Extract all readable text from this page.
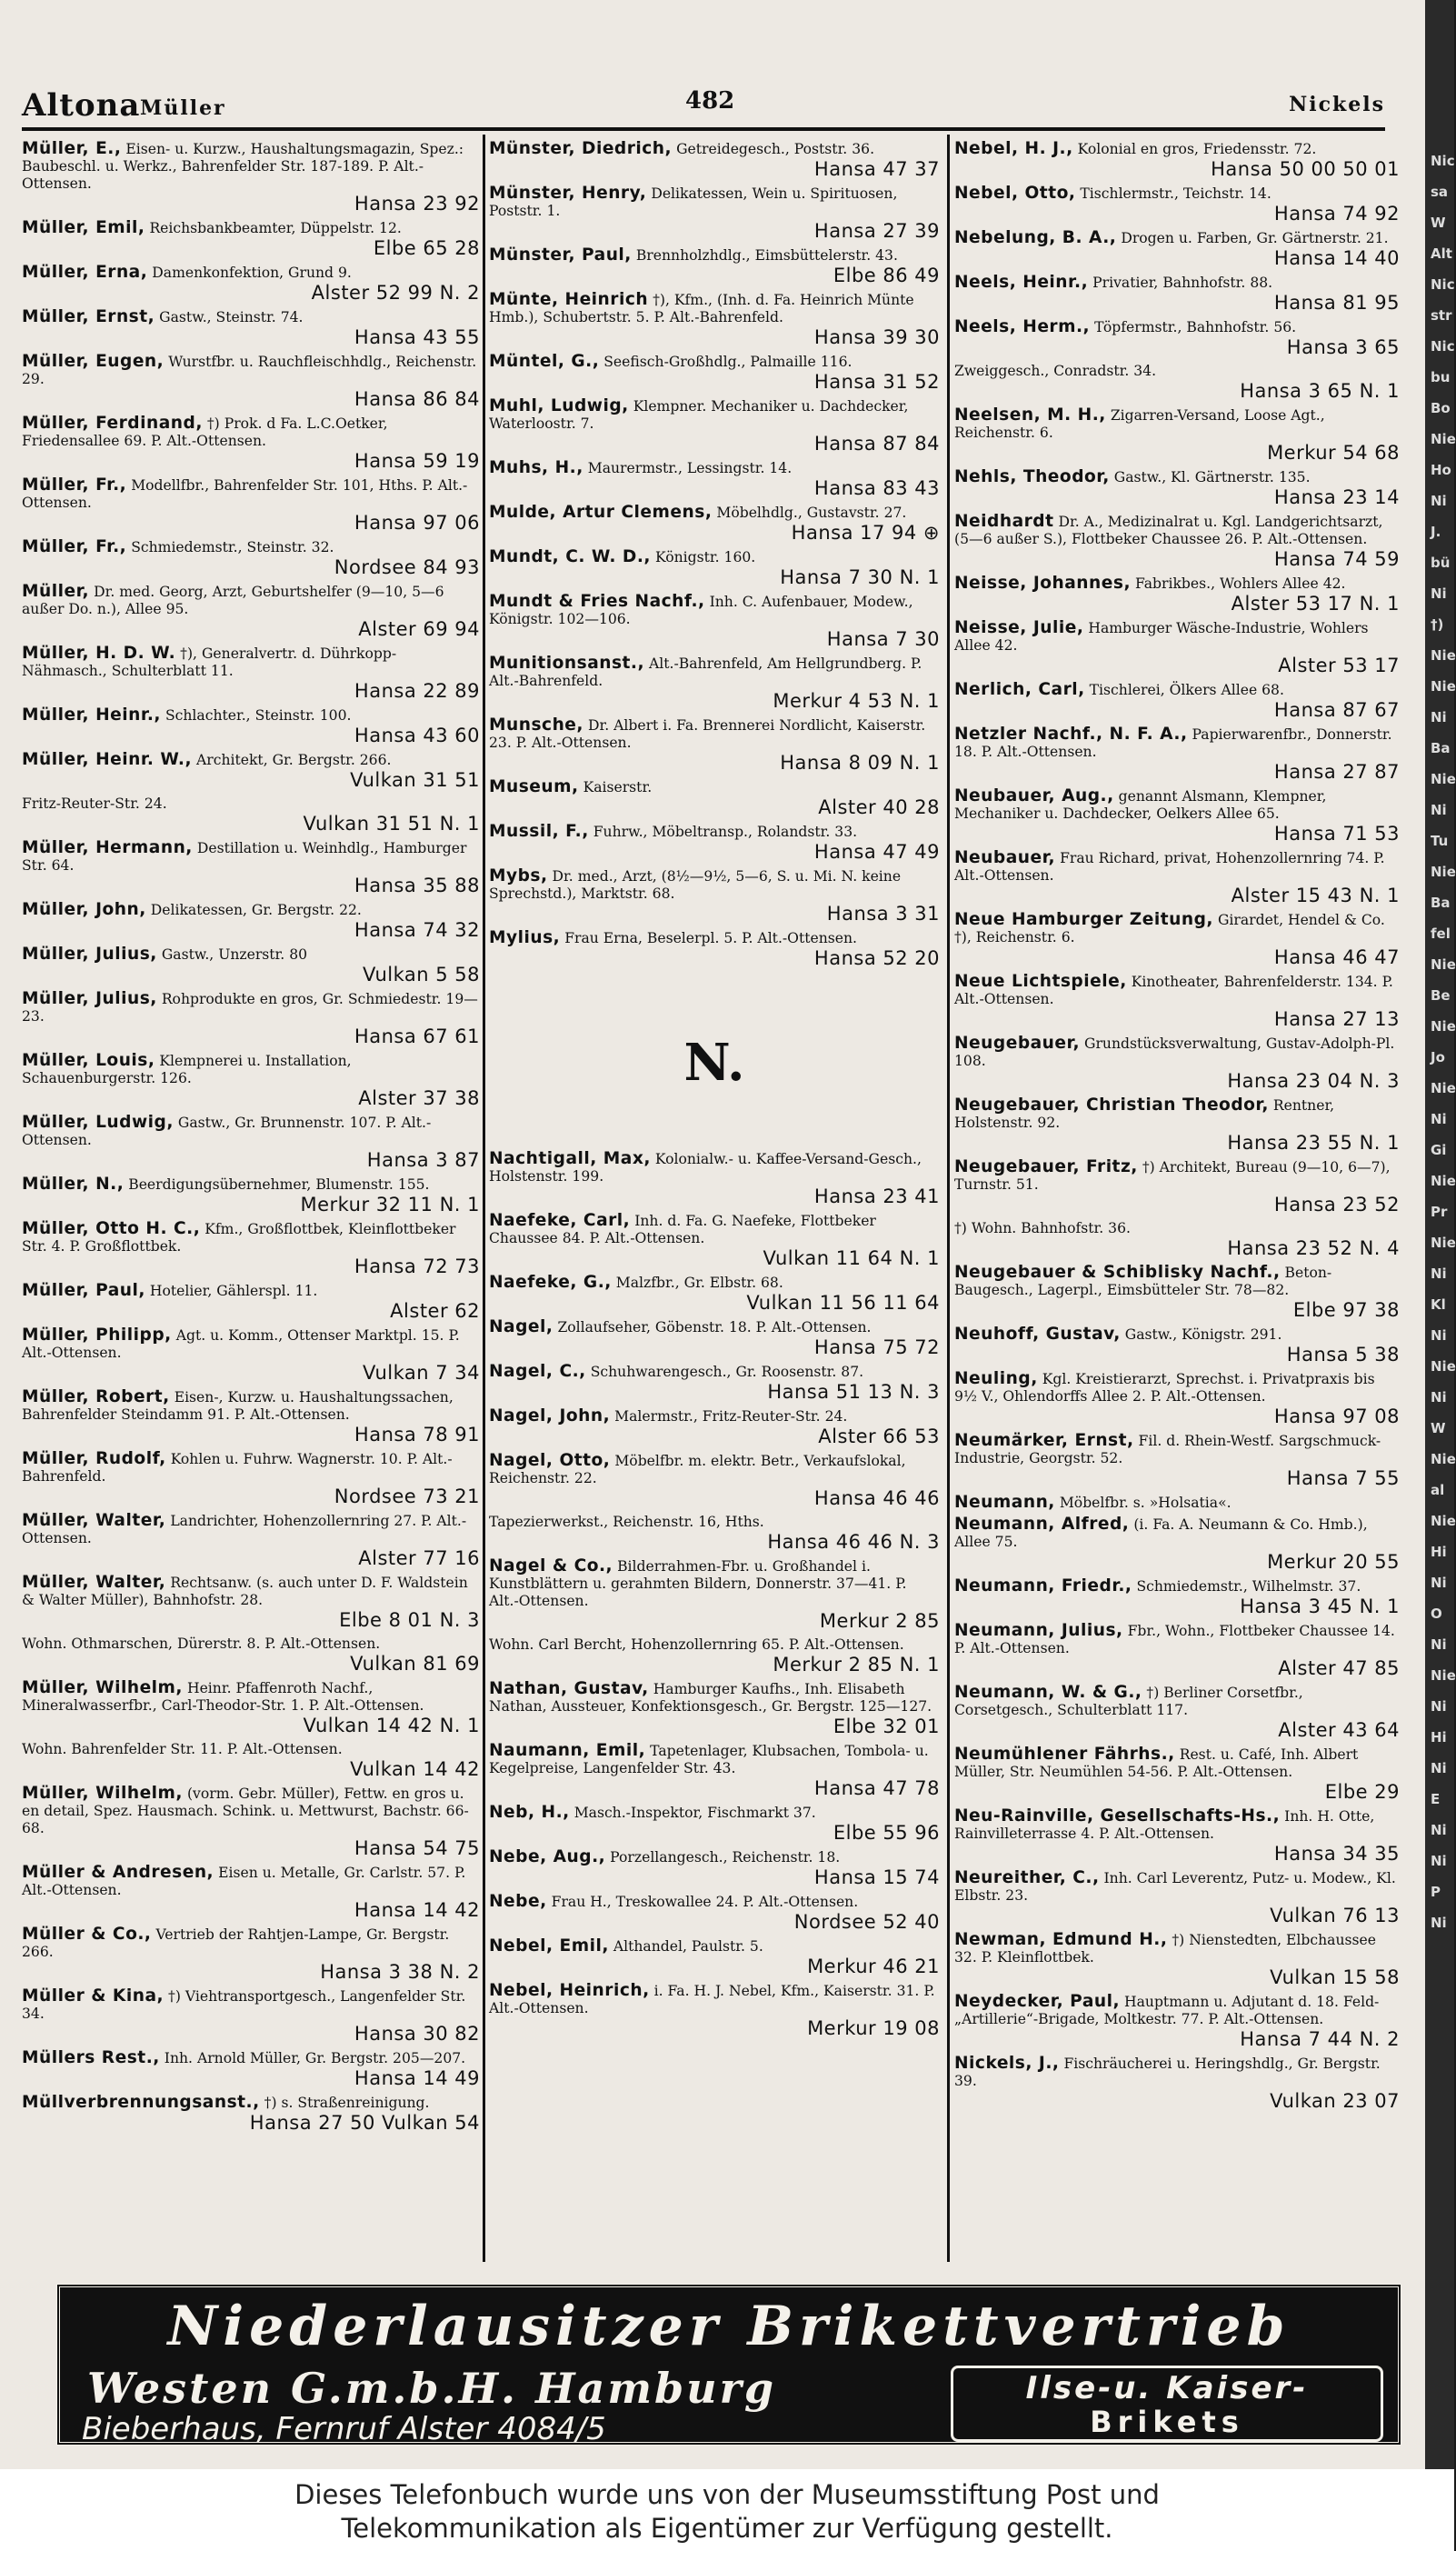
Altona Müller	482	Nickels
Müller, E., Eisen- u. Kurzw., Haushaltungsmagazin, Spez.: Baubeschl. u. Werkz., Bahrenfelder Str. 187-189. P. Alt.-Ottensen.
Hansa 23 92
Müller, Emil, Reichsbankbeamter, Düppelstr. 12.
Elbe 65 28
Müller, Erna, Damenkonfektion, Grund 9.
Alster 52 99 N. 2
Müller, Ernst, Gastw., Steinstr. 74.
Hansa 43 55
Müller, Eugen, Wurstfbr. u. Rauchfleischhdlg., Reichenstr. 29.
Hansa 86 84
Müller, Ferdinand, †) Prok. d Fa. L.C.Oetker, Friedensallee 69. P. Alt.-Ottensen.
Hansa 59 19
Müller, Fr., Modellfbr., Bahrenfelder Str. 101, Hths. P. Alt.-Ottensen.
Hansa 97 06
Müller, Fr., Schmiedemstr., Steinstr. 32.
Nordsee 84 93
Müller, Dr. med. Georg, Arzt, Geburtshelfer (9—10, 5—6 außer Do. n.), Allee 95.
Alster 69 94
Müller, H. D. W. †), Generalvertr. d. Dührkopp-Nähmasch., Schulterblatt 11.
Hansa 22 89
Müller, Heinr., Schlachter., Steinstr. 100.
Hansa 43 60
Müller, Heinr. W., Architekt, Gr. Bergstr. 266.
Vulkan 31 51
Fritz-Reuter-Str. 24.
Vulkan 31 51 N. 1
Müller, Hermann, Destillation u. Weinhdlg., Hamburger Str. 64.
Hansa 35 88
Müller, John, Delikatessen, Gr. Bergstr. 22.
Hansa 74 32
Müller, Julius, Gastw., Unzerstr. 80
Vulkan 5 58
Müller, Julius, Rohprodukte en gros, Gr. Schmiedestr. 19—23.
Hansa 67 61
Müller, Louis, Klempnerei u. Installation, Schauenburgerstr. 126.
Alster 37 38
Müller, Ludwig, Gastw., Gr. Brunnenstr. 107. P. Alt.-Ottensen.
Hansa 3 87
Müller, N., Beerdigungsübernehmer, Blumenstr. 155.
Merkur 32 11 N. 1
Müller, Otto H. C., Kfm., Großflottbek, Kleinflottbeker Str. 4. P. Großflottbek.
Hansa 72 73
Müller, Paul, Hotelier, Gählerspl. 11.
Alster 62
Müller, Philipp, Agt. u. Komm., Ottenser Marktpl. 15. P. Alt.-Ottensen.
Vulkan 7 34
Müller, Robert, Eisen-, Kurzw. u. Haushaltungssachen, Bahrenfelder Steindamm 91. P. Alt.-Ottensen.
Hansa 78 91
Müller, Rudolf, Kohlen u. Fuhrw. Wagnerstr. 10. P. Alt.-Bahrenfeld.
Nordsee 73 21
Müller, Walter, Landrichter, Hohenzollernring 27. P. Alt.-Ottensen.
Alster 77 16
Müller, Walter, Rechtsanw. (s. auch unter D. F. Waldstein & Walter Müller), Bahnhofstr. 28.
Elbe 8 01 N. 3
Wohn. Othmarschen, Dürerstr. 8. P. Alt.-Ottensen.
Vulkan 81 69
Müller, Wilhelm, Heinr. Pfaffenroth Nachf., Mineralwasserfbr., Carl-Theodor-Str. 1. P. Alt.-Ottensen.
Vulkan 14 42 N. 1
Wohn. Bahrenfelder Str. 11. P. Alt.-Ottensen.
Vulkan 14 42
Müller, Wilhelm, (vorm. Gebr. Müller), Fettw. en gros u. en detail, Spez. Hausmach. Schink. u. Mettwurst, Bachstr. 66-68.
Hansa 54 75
Müller & Andresen, Eisen u. Metalle, Gr. Carlstr. 57. P. Alt.-Ottensen.
Hansa 14 42
Müller & Co., Vertrieb der Rahtjen-Lampe, Gr. Bergstr. 266.
Hansa 3 38 N. 2
Müller & Kina, †) Viehtransportgesch., Langenfelder Str. 34.
Hansa 30 82
Müllers Rest., Inh. Arnold Müller, Gr. Bergstr. 205—207.
Hansa 14 49
Müllverbrennungsanst., †) s. Straßenreinigung.
Hansa 27 50 Vulkan 54
Münster, Diedrich, Getreidegesch., Poststr. 36.
Hansa 47 37
Münster, Henry, Delikatessen, Wein u. Spirituosen, Poststr. 1.
Hansa 27 39
Münster, Paul, Brennholzhdlg., Eimsbüttelerstr. 43.
Elbe 86 49
Münte, Heinrich †), Kfm., (Inh. d. Fa. Heinrich Münte Hmb.), Schubertstr. 5. P. Alt.-Bahrenfeld.
Hansa 39 30
Müntel, G., Seefisch-Großhdlg., Palmaille 116.
Hansa 31 52
Muhl, Ludwig, Klempner. Mechaniker u. Dachdecker, Waterloostr. 7.
Hansa 87 84
Muhs, H., Maurermstr., Lessingstr. 14.
Hansa 83 43
Mulde, Artur Clemens, Möbelhdlg., Gustavstr. 27.
Hansa 17 94 ⊕
Mundt, C. W. D., Königstr. 160.
Hansa 7 30 N. 1
Mundt & Fries Nachf., Inh. C. Aufenbauer, Modew., Königstr. 102—106.
Hansa 7 30
Munitionsanst., Alt.-Bahrenfeld, Am Hellgrundberg. P. Alt.-Bahrenfeld.
Merkur 4 53 N. 1
Munsche, Dr. Albert i. Fa. Brennerei Nordlicht, Kaiserstr. 23. P. Alt.-Ottensen.
Hansa 8 09 N. 1
Museum, Kaiserstr.
Alster 40 28
Mussil, F., Fuhrw., Möbeltransp., Rolandstr. 33.
Hansa 47 49
Mybs, Dr. med., Arzt, (8½—9½, 5—6, S. u. Mi. N. keine Sprechstd.), Marktstr. 68.
Hansa 3 31
Mylius, Frau Erna, Beselerpl. 5. P. Alt.-Ottensen.
Hansa 52 20
N.
Nachtigall, Max, Kolonialw.- u. Kaffee-Versand-Gesch., Holstenstr. 199.
Hansa 23 41
Naefeke, Carl, Inh. d. Fa. G. Naefeke, Flottbeker Chaussee 84. P. Alt.-Ottensen.
Vulkan 11 64 N. 1
Naefeke, G., Malzfbr., Gr. Elbstr. 68.
Vulkan 11 56 11 64
Nagel, Zollaufseher, Göbenstr. 18. P. Alt.-Ottensen.
Hansa 75 72
Nagel, C., Schuhwarengesch., Gr. Roosenstr. 87.
Hansa 51 13 N. 3
Nagel, John, Malermstr., Fritz-Reuter-Str. 24.
Alster 66 53
Nagel, Otto, Möbelfbr. m. elektr. Betr., Verkaufslokal, Reichenstr. 22.
Hansa 46 46
Tapezierwerkst., Reichenstr. 16, Hths.
Hansa 46 46 N. 3
Nagel & Co., Bilderrahmen-Fbr. u. Großhandel i. Kunstblättern u. gerahmten Bildern, Donnerstr. 37—41. P. Alt.-Ottensen.
Merkur 2 85
Wohn. Carl Bercht, Hohenzollernring 65. P. Alt.-Ottensen.
Merkur 2 85 N. 1
Nathan, Gustav, Hamburger Kaufhs., Inh. Elisabeth Nathan, Aussteuer, Konfektionsgesch., Gr. Bergstr. 125—127.
Elbe 32 01
Naumann, Emil, Tapetenlager, Klubsachen, Tombola- u. Kegelpreise, Langenfelder Str. 43.
Hansa 47 78
Neb, H., Masch.-Inspektor, Fischmarkt 37.
Elbe 55 96
Nebe, Aug., Porzellangesch., Reichenstr. 18.
Hansa 15 74
Nebe, Frau H., Treskowallee 24. P. Alt.-Ottensen.
Nordsee 52 40
Nebel, Emil, Althandel, Paulstr. 5.
Merkur 46 21
Nebel, Heinrich, i. Fa. H. J. Nebel, Kfm., Kaiserstr. 31. P. Alt.-Ottensen.
Merkur 19 08
Nebel, H. J., Kolonial en gros, Friedensstr. 72.
Hansa 50 00 50 01
Nebel, Otto, Tischlermstr., Teichstr. 14.
Hansa 74 92
Nebelung, B. A., Drogen u. Farben, Gr. Gärtnerstr. 21.
Hansa 14 40
Neels, Heinr., Privatier, Bahnhofstr. 88.
Hansa 81 95
Neels, Herm., Töpfermstr., Bahnhofstr. 56.
Hansa 3 65
Zweiggesch., Conradstr. 34.
Hansa 3 65 N. 1
Neelsen, M. H., Zigarren-Versand, Loose Agt., Reichenstr. 6.
Merkur 54 68
Nehls, Theodor, Gastw., Kl. Gärtnerstr. 135.
Hansa 23 14
Neidhardt Dr. A., Medizinalrat u. Kgl. Landgerichtsarzt, (5—6 außer S.), Flottbeker Chaussee 26. P. Alt.-Ottensen.
Hansa 74 59
Neisse, Johannes, Fabrikbes., Wohlers Allee 42.
Alster 53 17 N. 1
Neisse, Julie, Hamburger Wäsche-Industrie, Wohlers Allee 42.
Alster 53 17
Nerlich, Carl, Tischlerei, Ölkers Allee 68.
Hansa 87 67
Netzler Nachf., N. F. A., Papierwarenfbr., Donnerstr. 18. P. Alt.-Ottensen.
Hansa 27 87
Neubauer, Aug., genannt Alsmann, Klempner, Mechaniker u. Dachdecker, Oelkers Allee 65.
Hansa 71 53
Neubauer, Frau Richard, privat, Hohenzollernring 74. P. Alt.-Ottensen.
Alster 15 43 N. 1
Neue Hamburger Zeitung, Girardet, Hendel & Co. †), Reichenstr. 6.
Hansa 46 47
Neue Lichtspiele, Kinotheater, Bahrenfelderstr. 134. P. Alt.-Ottensen.
Hansa 27 13
Neugebauer, Grundstücksverwaltung, Gustav-Adolph-Pl. 108.
Hansa 23 04 N. 3
Neugebauer, Christian Theodor, Rentner, Holstenstr. 92.
Hansa 23 55 N. 1
Neugebauer, Fritz, †) Architekt, Bureau (9—10, 6—7), Turnstr. 51.
Hansa 23 52
†) Wohn. Bahnhofstr. 36.
Hansa 23 52 N. 4
Neugebauer & Schiblisky Nachf., Beton- Baugesch., Lagerpl., Eimsbütteler Str. 78—82.
Elbe 97 38
Neuhoff, Gustav, Gastw., Königstr. 291.
Hansa 5 38
Neuling, Kgl. Kreistierarzt, Sprechst. i. Privatpraxis bis 9½ V., Ohlendorffs Allee 2. P. Alt.-Ottensen.
Hansa 97 08
Neumärker, Ernst, Fil. d. Rhein-Westf. Sargschmuck-Industrie, Georgstr. 52.
Hansa 7 55
Neumann, Möbelfbr. s. »Holsatia«.
Neumann, Alfred, (i. Fa. A. Neumann & Co. Hmb.), Allee 75.
Merkur 20 55
Neumann, Friedr., Schmiedemstr., Wilhelmstr. 37.
Hansa 3 45 N. 1
Neumann, Julius, Fbr., Wohn., Flottbeker Chaussee 14. P. Alt.-Ottensen.
Alster 47 85
Neumann, W. & G., †) Berliner Corsetfbr., Corsetgesch., Schulterblatt 117.
Alster 43 64
Neumühlener Fährhs., Rest. u. Café, Inh. Albert Müller, Str. Neumühlen 54-56. P. Alt.-Ottensen.
Elbe 29
Neu-Rainville, Gesellschafts-Hs., Inh. H. Otte, Rainvilleterrasse 4. P. Alt.-Ottensen.
Hansa 34 35
Neureither, C., Inh. Carl Leverentz, Putz- u. Modew., Kl. Elbstr. 23.
Vulkan 76 13
Newman, Edmund H., †) Nienstedten, Elbchaussee 32. P. Kleinflottbek.
Vulkan 15 58
Neydecker, Paul, Hauptmann u. Adjutant d. 18. Feld-„Artillerie“-Brigade, Moltkestr. 77. P. Alt.-Ottensen.
Hansa 7 44 N. 2
Nickels, J., Fischräucherei u. Heringshdlg., Gr. Bergstr. 39.
Vulkan 23 07
Niederlausitzer Brikettvertrieb
Westen G.m.b.H. Hamburg
Bieberhaus, Fernruf Alster 4084/5
Ilse-u. Kaiser-
Brikets
Nic sa W Alt Nic str Nic bu Bo Nie Ho Ni J. bü Ni †) Nie Nie Ni Ba Nie Ni Tu Nie Ba fel Nie Be Nie Jo Nie Ni Gi Nie Pr Nie Ni Kl Ni Nie Ni W Nie al Nie Hi Ni O Ni Nie Ni Hi Ni E Ni Ni P Ni
Dieses Telefonbuch wurde uns von der Museumsstiftung Post und
Telekommunikation als Eigentümer zur Verfügung gestellt.
